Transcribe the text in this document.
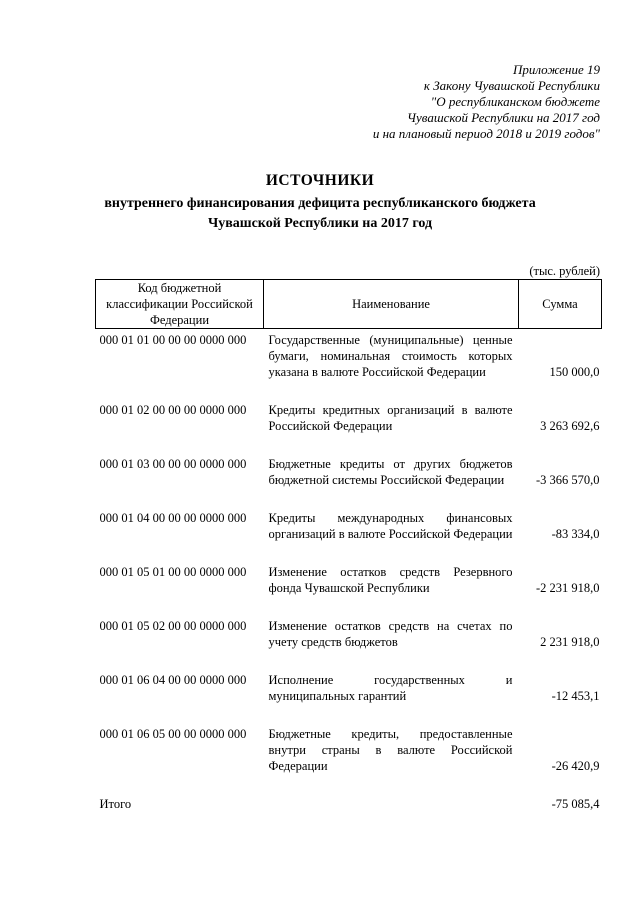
Приложение 19
к Закону Чувашской Республики
"О республиканском бюджете
Чувашской Республики на 2017 год
и на плановый период 2018 и 2019 годов"
ИСТОЧНИКИ
внутреннего финансирования дефицита республиканского бюджета
Чувашской Республики на 2017 год
(тыс. рублей)
Код бюджетной классификации Российской Федерации	Наименование	Сумма
000 01 01 00 00 00 0000 000	Государственные (муниципальные) ценные бумаги, номинальная стоимость которых указана в валюте Российской Федерации	150 000,0
000 01 02 00 00 00 0000 000	Кредиты кредитных организаций в валюте Российской Федерации	3 263 692,6
000 01 03 00 00 00 0000 000	Бюджетные кредиты от других бюджетов бюджетной системы Российской Федерации	-3 366 570,0
000 01 04 00 00 00 0000 000	Кредиты международных финансовых организаций в валюте Российской Федерации	-83 334,0
000 01 05 01 00 00 0000 000	Изменение остатков средств Резервного фонда Чувашской Республики	-2 231 918,0
000 01 05 02 00 00 0000 000	Изменение остатков средств на счетах по учету средств бюджетов	2 231 918,0
000 01 06 04 00 00 0000 000	Исполнение государственных и муниципальных гарантий	-12 453,1
000 01 06 05 00 00 0000 000	Бюджетные кредиты, предоставленные внутри страны в валюте Российской Федерации	-26 420,9
Итого		-75 085,4
